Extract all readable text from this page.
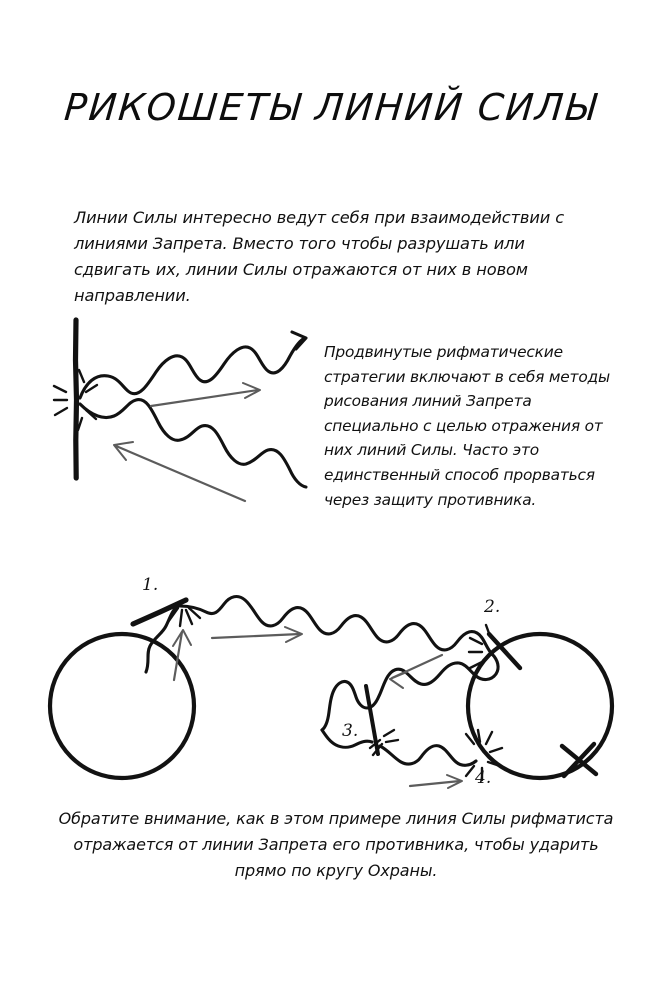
РИКОШЕТЫ ЛИНИЙ СИЛЫ
Линии Силы интересно ведут себя при взаимодействии с линиями Запрета. Вместо того чтобы разрушать или сдвигать их, линии Силы отражаются от них в новом направлении.
Продвинутые рифматические стратегии включают в себя методы рисования линий Запрета специально с целью отражения от них линий Силы. Часто это единственный способ прорваться через защиту противника.
1.
2.
3.
4.
Обратите внимание, как в этом примере линия Силы рифматиста отражается от линии Запрета его противника, чтобы ударить прямо по кругу Охраны.
